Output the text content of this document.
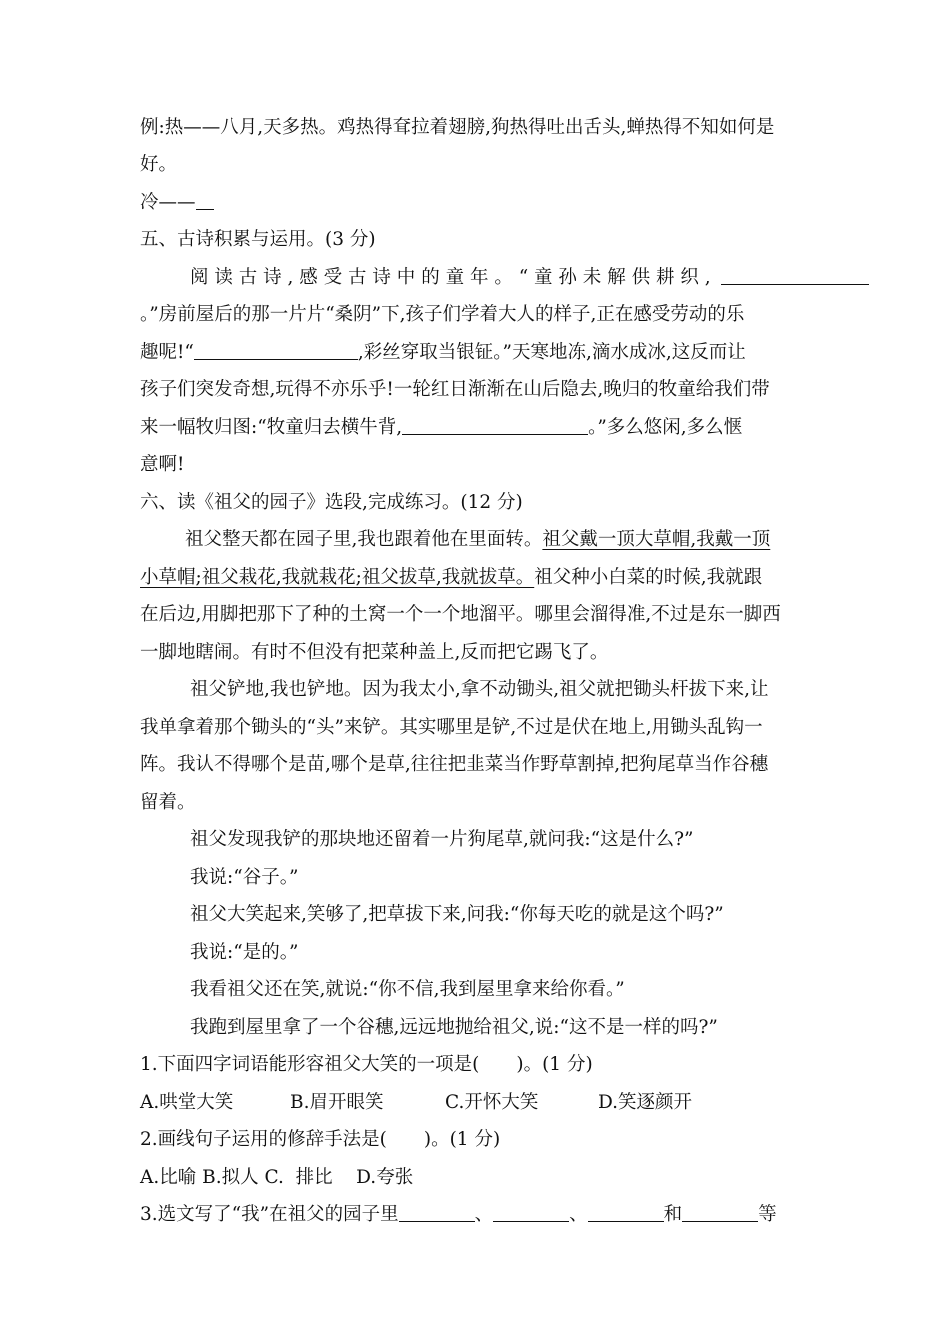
例:热——八月,天多热。鸡热得耷拉着翅膀,狗热得吐出舌头,蝉热得不知如何是
好。
冷——
五、古诗积累与运用。(3 分)
阅 读 古 诗 , 感 受 古 诗 中 的 童 年 。 “ 童 孙 未 解 供 耕 织 ,
。”房前屋后的那一片片“桑阴”下,孩子们学着大人的样子,正在感受劳动的乐
趣呢!“	,彩丝穿取当银钲。”天寒地冻,滴水成冰,这反而让
孩子们突发奇想,玩得不亦乐乎!一轮红日渐渐在山后隐去,晚归的牧童给我们带
来一幅牧归图:“牧童归去横牛背,	。”多么悠闲,多么惬
意啊!
六、读《祖父的园子》选段,完成练习。(12 分)
祖父整天都在园子里,我也跟着他在里面转。祖父戴一顶大草帽,我戴一顶
小草帽;祖父栽花,我就栽花;祖父拔草,我就拔草。祖父种小白菜的时候,我就跟
在后边,用脚把那下了种的土窝一个一个地溜平。哪里会溜得准,不过是东一脚西
一脚地瞎闹。有时不但没有把菜种盖上,反而把它踢飞了。
祖父铲地,我也铲地。因为我太小,拿不动锄头,祖父就把锄头杆拔下来,让
我单拿着那个锄头的“头”来铲。其实哪里是铲,不过是伏在地上,用锄头乱钩一
阵。我认不得哪个是苗,哪个是草,往往把韭菜当作野草割掉,把狗尾草当作谷穗
留着。
祖父发现我铲的那块地还留着一片狗尾草,就问我:“这是什么?”
我说:“谷子。”
祖父大笑起来,笑够了,把草拔下来,问我:“你每天吃的就是这个吗?”
我说:“是的。”
我看祖父还在笑,就说:“你不信,我到屋里拿来给你看。”
我跑到屋里拿了一个谷穗,远远地抛给祖父,说:“这不是一样的吗?”
1.下面四字词语能形容祖父大笑的一项是(　　)。(1 分)
A.哄堂大笑	B.眉开眼笑	C.开怀大笑	D.笑逐颜开
2.画线句子运用的修辞手法是(　　)。(1 分)
A.比喻 B.拟人 C.  排比    D.夸张
3.选文写了“我”在祖父的园子里	、	、	和	等
